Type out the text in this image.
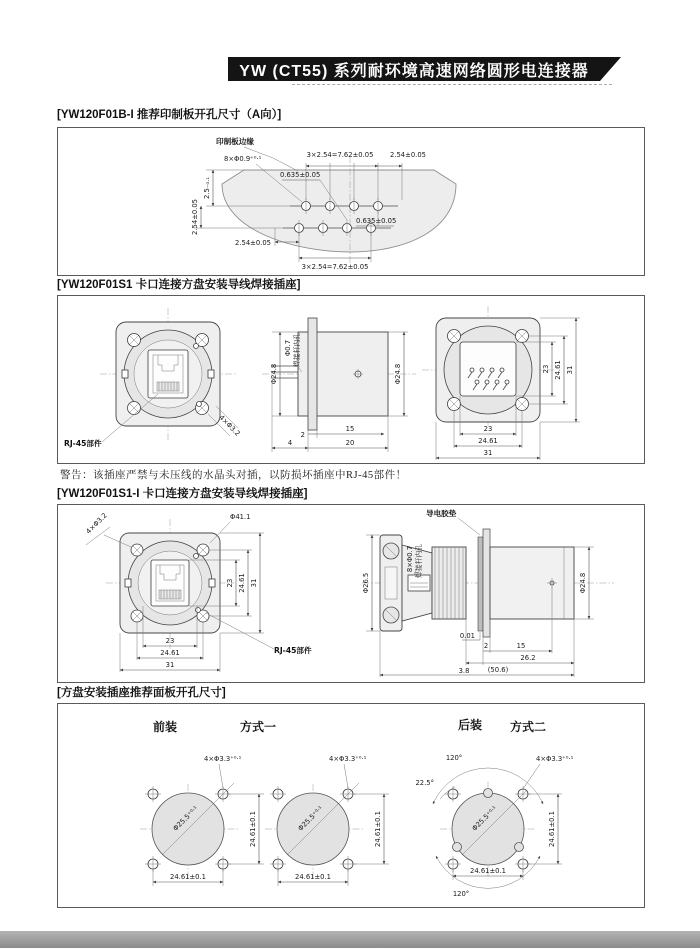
YW (CT55) 系列耐环境高速网络圆形电连接器
[YW120F01B-I 推荐印制板开孔尺寸（A向）]
3×2.54=7.62±0.05 2.54±0.05
0.635±0.05
印制板边缘
8×Φ0.9⁺⁰·¹
2.5₋₀.₁
2.54±0.05
2.54±0.05
0.635±0.05
3×2.54=7.62±0.05
[YW120F01S1 卡口连接方盘安装导线焊接插座]
RJ-45部件
4×Φ3.2
Φ24.8	Φ24.8
Φ0.7 焊接杆内孔
2
15
4	20
23 24.61 31
23
24.61
31
警告：该插座严禁与未压线的水晶头对插，以防损坏插座中RJ-45部件！
[YW120F01S1-I 卡口连接方盘安装导线焊接插座]
Φ41.1
4×Φ3.2
23 24.61 31
23
24.61
31
RJ-45部件
Φ26.5
8×Φ0.7 焊接杆内孔
导电胶垫
Φ24.8
0.01
2	15
3.8
26.2
(50.6)
[方盘安装插座推荐面板开孔尺寸]
前装	方式一	后装 方式二
Φ25.5⁺⁰·¹
4×Φ3.3⁺⁰·¹
24.61±0.1
24.61±0.1
Φ25.5⁺⁰·¹
4×Φ3.3⁺⁰·¹
24.61±0.1
24.61±0.1
Φ25.5⁺⁰·¹
120°
120°
22.5°
4×Φ3.3⁺⁰·¹
24.61±0.1
24.61±0.1
